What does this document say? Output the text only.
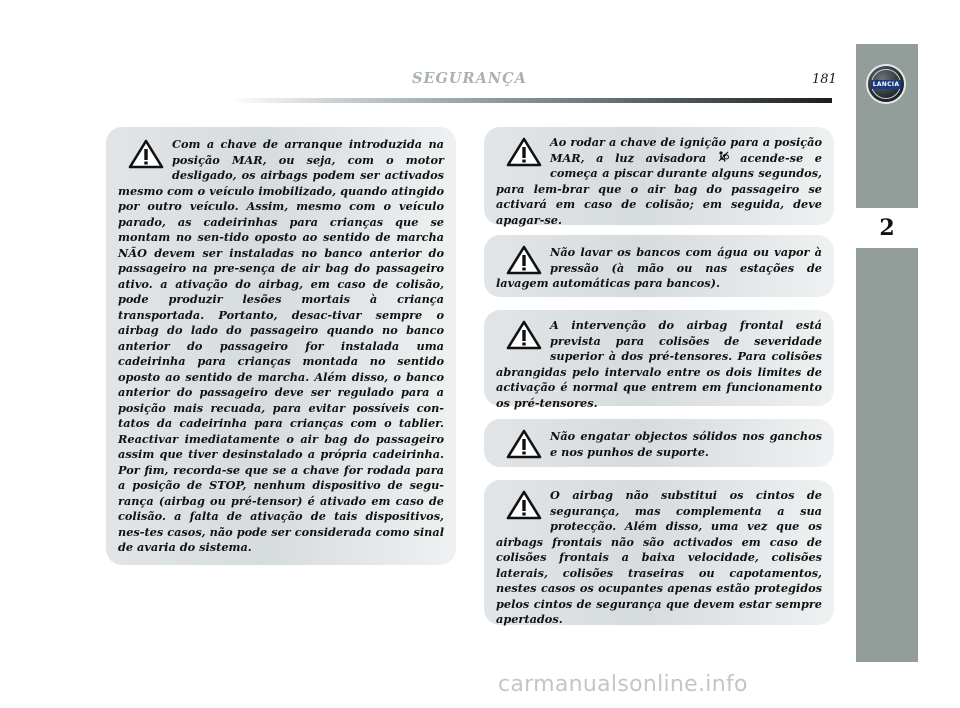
SEGURANÇA	181	LANCIA
2

Com a chave de arranque introduzida na posição MAR, ou seja, com o motor desligado, os airbags podem ser activados mesmo com o veículo imobilizado, quando atingido por outro veículo. Assim, mesmo com o veículo parado, as cadeirinhas para crianças que se montam no sen-tido oposto ao sentido de marcha NÃO devem ser instaladas no banco anterior do passageiro na pre-sença de air bag do passageiro ativo. a ativação do airbag, em caso de colisão, pode produzir lesões mortais à criança transportada. Portanto, desac-tivar sempre o airbag do lado do passageiro quando no banco anterior do passageiro for instalada uma cadeirinha para crianças montada no sentido oposto ao sentido de marcha. Além disso, o banco anterior do passageiro deve ser regulado para a posição mais recuada, para evitar possíveis con-tatos da cadeirinha para crianças com o tablier. Reactivar imediatamente o air bag do passageiro assim que tiver desinstalado a própria cadeirinha. Por fim, recorda-se que se a chave for rodada para a posição de STOP, nenhum dispositivo de segu-rança (airbag ou pré-tensor) é ativado em caso de colisão. a falta de ativação de tais dispositivos, nes-tes casos, não pode ser considerada como sinal de avaria do sistema.

Ao rodar a chave de ignição para a posição MAR, a luz avisadora  acende-se e começa a piscar durante alguns segundos, para lem-brar que o air bag do passageiro se activará em caso de colisão; em seguida, deve apagar-se.

Não lavar os bancos com água ou vapor à pressão (à mão ou nas estações de lavagem automáticas para bancos).

A intervenção do airbag frontal está prevista para colisões de severidade superior à dos pré-tensores. Para colisões abrangidas pelo intervalo entre os dois limites de activação é normal que entrem em funcionamento os pré-tensores.

Não engatar objectos sólidos nos ganchos e nos punhos de suporte.

O airbag não substitui os cintos de segurança, mas complementa a sua protecção. Além disso, uma vez que os airbags frontais não são activados em caso de colisões frontais a baixa velocidade, colisões laterais, colisões traseiras ou capotamentos, nestes casos os ocupantes apenas estão protegidos pelos cintos de segurança que devem estar sempre apertados.

carmanualsonline.info
